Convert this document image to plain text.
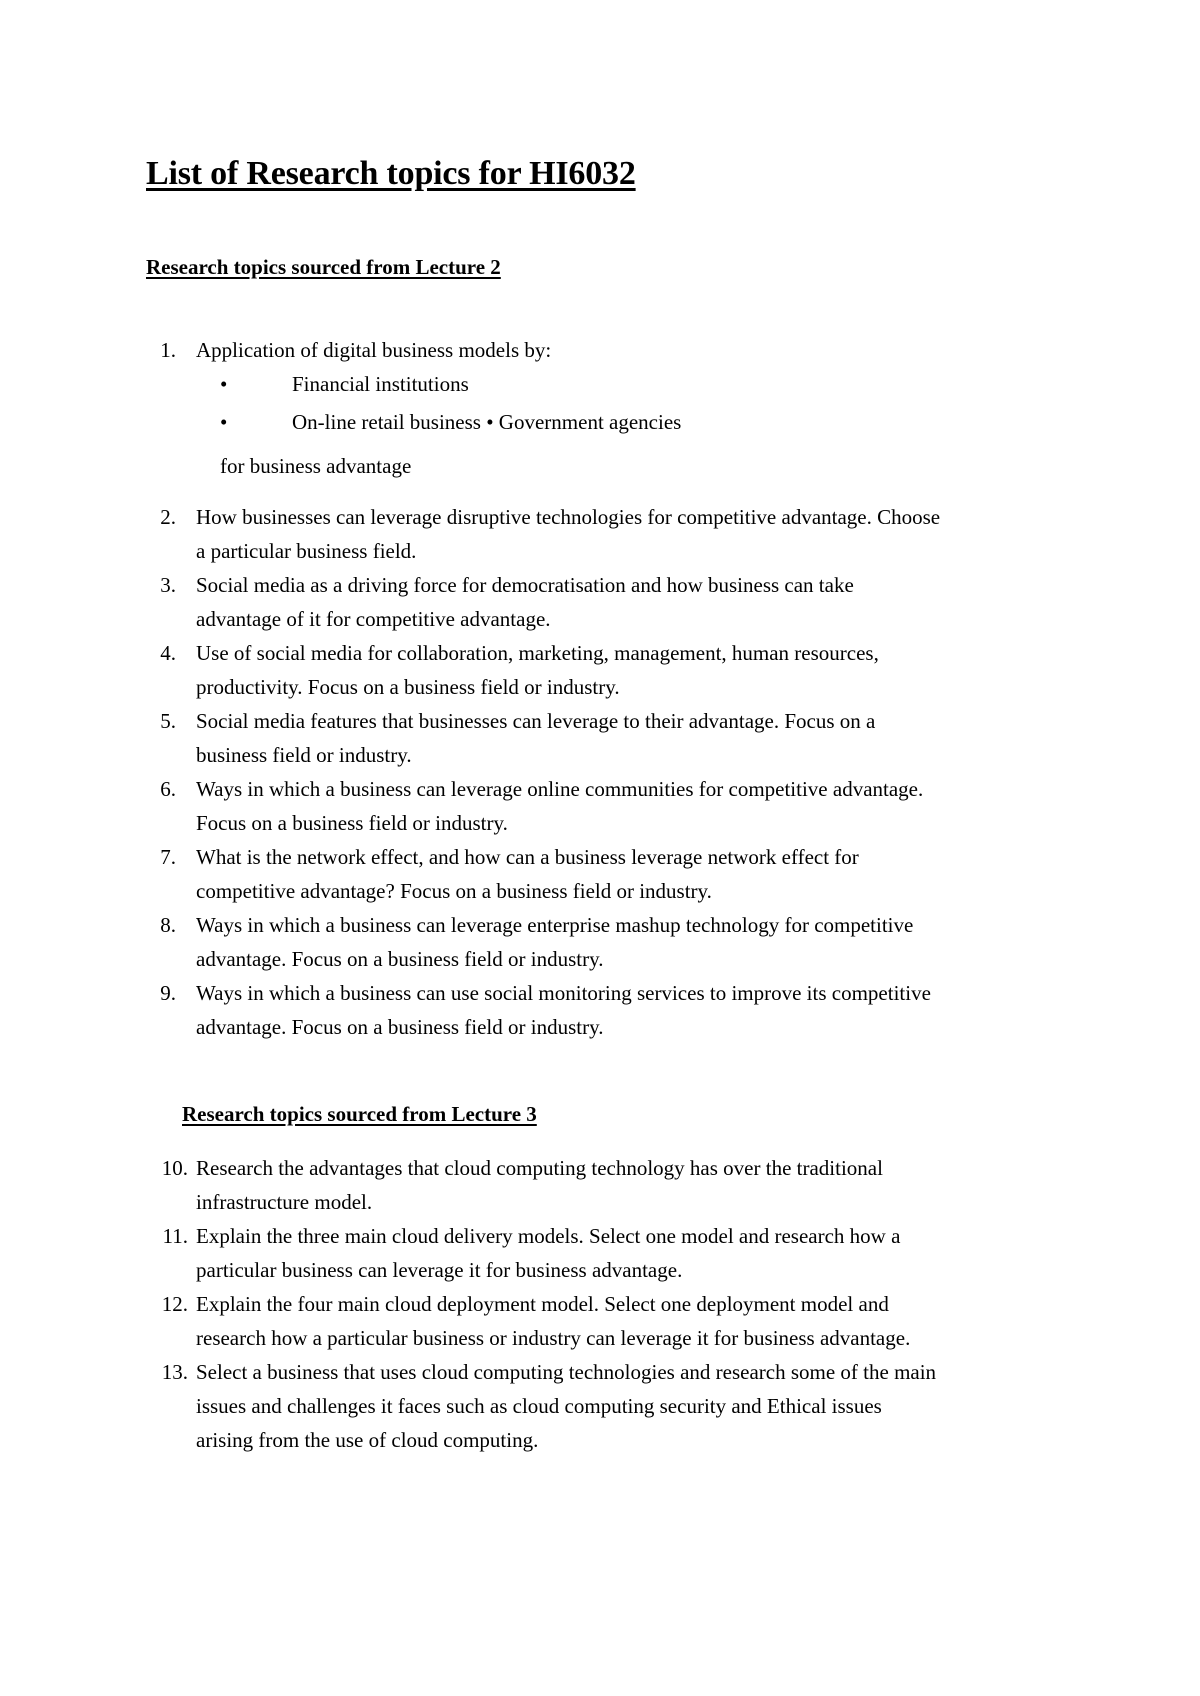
List of Research topics for HI6032
Research topics sourced from Lecture 2
1. Application of digital business models by:
•	Financial institutions
•	On-line retail business • Government agencies
for business advantage
2. How businesses can leverage disruptive technologies for competitive advantage. Choose
a particular business field.
3. Social media as a driving force for democratisation and how business can take
advantage of it for competitive advantage.
4. Use of social media for collaboration, marketing, management, human resources,
productivity. Focus on a business field or industry.
5. Social media features that businesses can leverage to their advantage. Focus on a
business field or industry.
6. Ways in which a business can leverage online communities for competitive advantage.
Focus on a business field or industry.
7. What is the network effect, and how can a business leverage network effect for
competitive advantage? Focus on a business field or industry.
8. Ways in which a business can leverage enterprise mashup technology for competitive
advantage. Focus on a business field or industry.
9. Ways in which a business can use social monitoring services to improve its competitive
advantage. Focus on a business field or industry.
Research topics sourced from Lecture 3
10. Research the advantages that cloud computing technology has over the traditional
infrastructure model.
11. Explain the three main cloud delivery models. Select one model and research how a
particular business can leverage it for business advantage.
12. Explain the four main cloud deployment model. Select one deployment model and
research how a particular business or industry can leverage it for business advantage.
13. Select a business that uses cloud computing technologies and research some of the main
issues and challenges it faces such as cloud computing security and Ethical issues
arising from the use of cloud computing.
